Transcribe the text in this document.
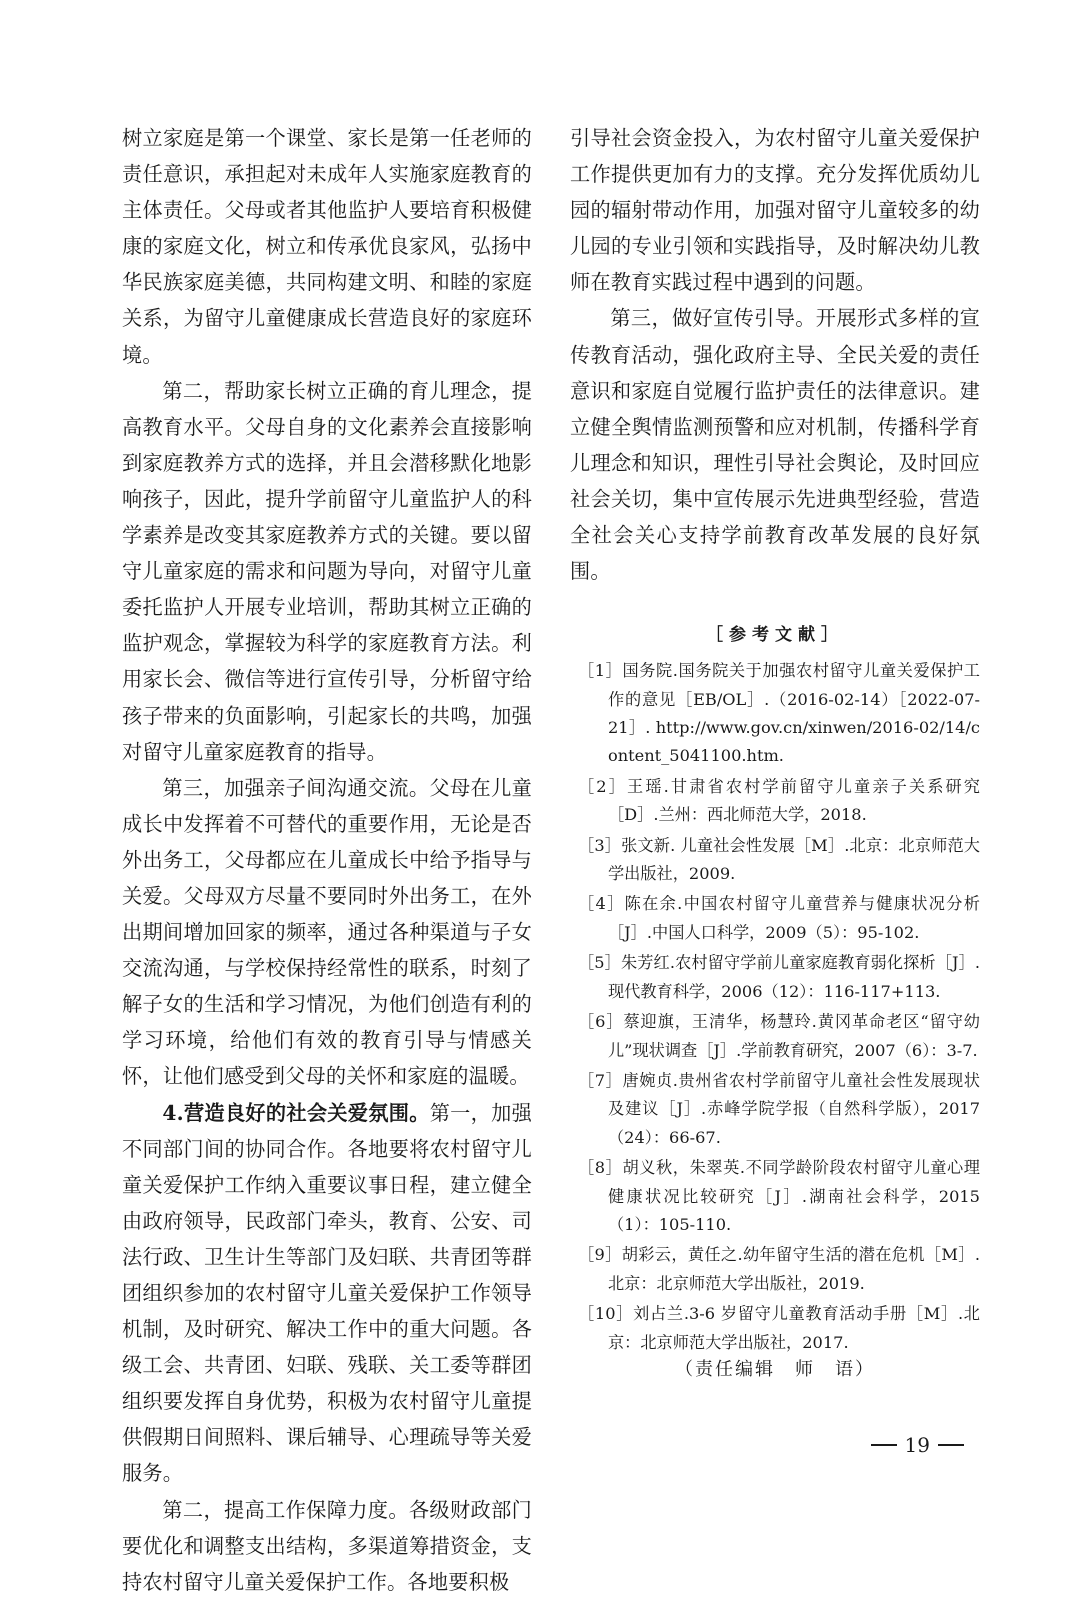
树立家庭是第一个课堂、家长是第一任老师的责任意识，承担起对未成年人实施家庭教育的主体责任。父母或者其他监护人要培育积极健康的家庭文化，树立和传承优良家风，弘扬中华民族家庭美德，共同构建文明、和睦的家庭关系，为留守儿童健康成长营造良好的家庭环境。

第二，帮助家长树立正确的育儿理念，提高教育水平。父母自身的文化素养会直接影响到家庭教养方式的选择，并且会潜移默化地影响孩子，因此，提升学前留守儿童监护人的科学素养是改变其家庭教养方式的关键。要以留守儿童家庭的需求和问题为导向，对留守儿童委托监护人开展专业培训，帮助其树立正确的监护观念，掌握较为科学的家庭教育方法。利用家长会、微信等进行宣传引导，分析留守给孩子带来的负面影响，引起家长的共鸣，加强对留守儿童家庭教育的指导。

第三，加强亲子间沟通交流。父母在儿童成长中发挥着不可替代的重要作用，无论是否外出务工，父母都应在儿童成长中给予指导与关爱。父母双方尽量不要同时外出务工，在外出期间增加回家的频率，通过各种渠道与子女交流沟通，与学校保持经常性的联系，时刻了解子女的生活和学习情况，为他们创造有利的学习环境，给他们有效的教育引导与情感关怀，让他们感受到父母的关怀和家庭的温暖。

4.营造良好的社会关爱氛围。第一，加强不同部门间的协同合作。各地要将农村留守儿童关爱保护工作纳入重要议事日程，建立健全由政府领导，民政部门牵头，教育、公安、司法行政、卫生计生等部门及妇联、共青团等群团组织参加的农村留守儿童关爱保护工作领导机制，及时研究、解决工作中的重大问题。各级工会、共青团、妇联、残联、关工委等群团组织要发挥自身优势，积极为农村留守儿童提供假期日间照料、课后辅导、心理疏导等关爱服务。

第二，提高工作保障力度。各级财政部门要优化和调整支出结构，多渠道筹措资金，支持农村留守儿童关爱保护工作。各地要积极

引导社会资金投入，为农村留守儿童关爱保护工作提供更加有力的支撑。充分发挥优质幼儿园的辐射带动作用，加强对留守儿童较多的幼儿园的专业引领和实践指导，及时解决幼儿教师在教育实践过程中遇到的问题。

第三，做好宣传引导。开展形式多样的宣传教育活动，强化政府主导、全民关爱的责任意识和家庭自觉履行监护责任的法律意识。建立健全舆情监测预警和应对机制，传播科学育儿理念和知识，理性引导社会舆论，及时回应社会关切，集中宣传展示先进典型经验，营造全社会关心支持学前教育改革发展的良好氛围。

［参考文献］
［1］国务院.国务院关于加强农村留守儿童关爱保护工作的意见［EB/OL］.（2016-02-14）［2022-07-21］. http://www.gov.cn/xinwen/2016-02/14/content_5041100.htm.
［2］王瑶.甘肃省农村学前留守儿童亲子关系研究［D］.兰州：西北师范大学，2018.
［3］张文新. 儿童社会性发展［M］.北京：北京师范大学出版社，2009.
［4］陈在余.中国农村留守儿童营养与健康状况分析［J］.中国人口科学，2009（5）：95-102.
［5］朱芳红.农村留守学前儿童家庭教育弱化探析［J］. 现代教育科学，2006（12）：116-117+113.
［6］蔡迎旗，王清华，杨慧玲.黄冈革命老区“留守幼儿”现状调查［J］.学前教育研究，2007（6）：3-7.
［7］唐婉贞.贵州省农村学前留守儿童社会性发展现状及建议［J］.赤峰学院学报（自然科学版），2017（24）：66-67.
［8］胡义秋，朱翠英.不同学龄阶段农村留守儿童心理健康状况比较研究［J］.湖南社会科学，2015（1）：105-110.
［9］胡彩云，黄任之.幼年留守生活的潜在危机［M］.北京：北京师范大学出版社，2019.
［10］刘占兰.3-6 岁留守儿童教育活动手册［M］.北京：北京师范大学出版社，2017.
（责任编辑　师　语）
19
